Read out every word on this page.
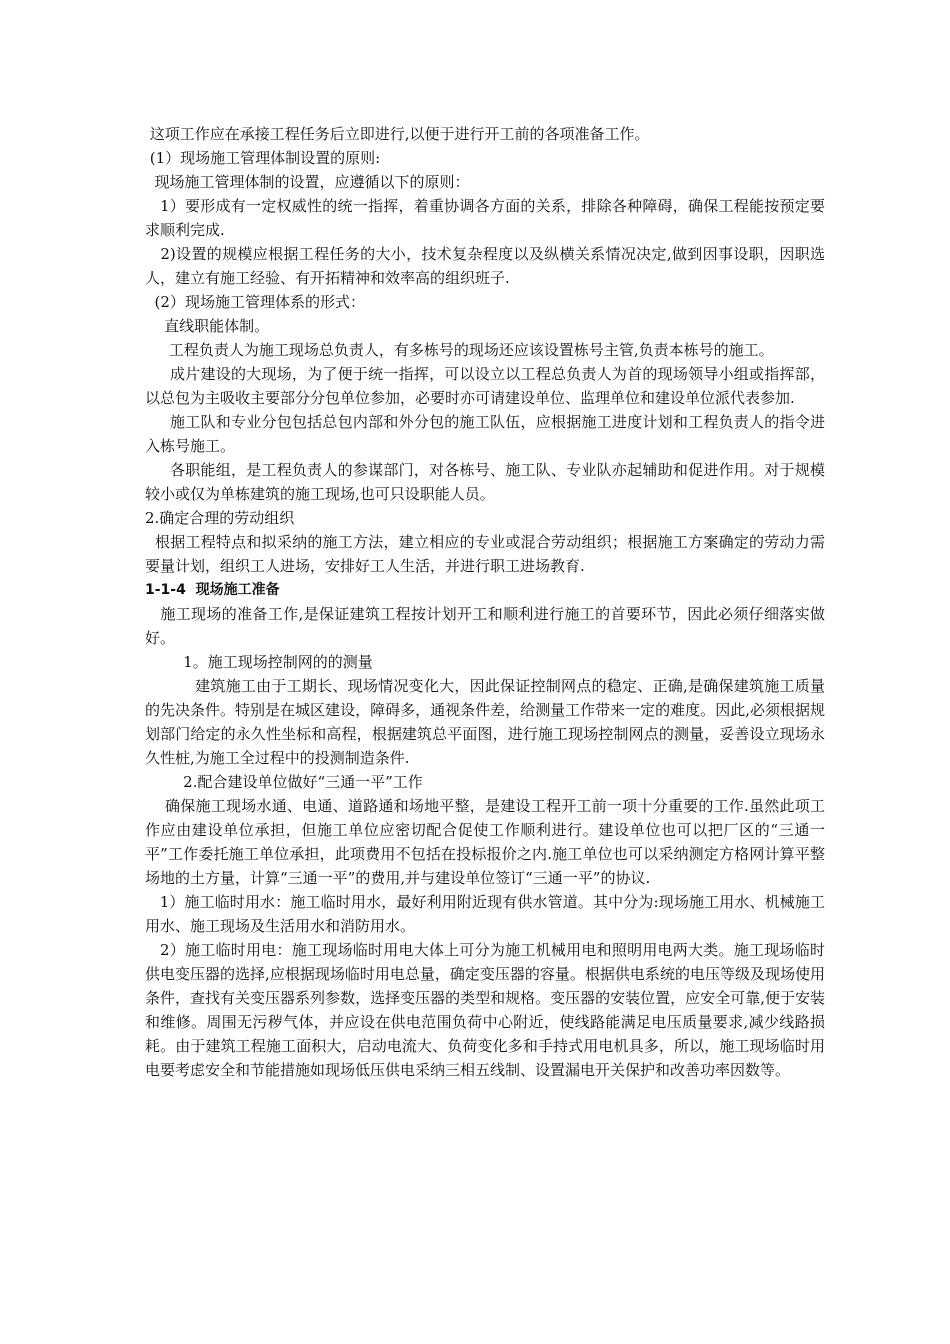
这项工作应在承接工程任务后立即进行,以便于进行开工前的各项准备工作。

(1）现场施工管理体制设置的原则:

现场施工管理体制的设置，应遵循以下的原则：

1）要形成有一定权威性的统一指挥，着重协调各方面的关系，排除各种障碍，确保工程能按预定要求顺利完成.

2)设置的规模应根据工程任务的大小，技术复杂程度以及纵横关系情况决定,做到因事设职，因职选人，建立有施工经验、有开拓精神和效率高的组织班子.

(2）现场施工管理体系的形式：

直线职能体制。

工程负责人为施工现场总负责人，有多栋号的现场还应该设置栋号主管,负责本栋号的施工。

成片建设的大现场，为了便于统一指挥，可以设立以工程总负责人为首的现场领导小组或指挥部，以总包为主吸收主要部分分包单位参加，必要时亦可请建设单位、监理单位和建设单位派代表参加.

施工队和专业分包包括总包内部和外分包的施工队伍，应根据施工进度计划和工程负责人的指令进入栋号施工。

各职能组，是工程负责人的参谋部门，对各栋号、施工队、专业队亦起辅助和促进作用。对于规模较小或仅为单栋建筑的施工现场,也可只设职能人员。

2.确定合理的劳动组织

根据工程特点和拟采纳的施工方法，建立相应的专业或混合劳动组织；根据施工方案确定的劳动力需要量计划，组织工人进场，安排好工人生活，并进行职工进场教育.

1-1-4  现场施工准备

施工现场的准备工作,是保证建筑工程按计划开工和顺利进行施工的首要环节，因此必须仔细落实做好。

1。施工现场控制网的的测量

建筑施工由于工期长、现场情况变化大，因此保证控制网点的稳定、正确,是确保建筑施工质量的先决条件。特别是在城区建设，障碍多，通视条件差，给测量工作带来一定的难度。因此,必须根据规划部门给定的永久性坐标和高程，根据建筑总平面图，进行施工现场控制网点的测量，妥善设立现场永久性桩,为施工全过程中的投测制造条件.

2.配合建设单位做好“三通一平”工作

确保施工现场水通、电通、道路通和场地平整，是建设工程开工前一项十分重要的工作.虽然此项工作应由建设单位承担，但施工单位应密切配合促使工作顺利进行。建设单位也可以把厂区的“三通一平”工作委托施工单位承担，此项费用不包括在投标报价之内.施工单位也可以采纳测定方格网计算平整场地的土方量，计算“三通一平”的费用,并与建设单位签订“三通一平”的协议.

1）施工临时用水：施工临时用水，最好利用附近现有供水管道。其中分为:现场施工用水、机械施工用水、施工现场及生活用水和消防用水。

2）施工临时用电：施工现场临时用电大体上可分为施工机械用电和照明用电两大类。施工现场临时供电变压器的选择,应根据现场临时用电总量，确定变压器的容量。根据供电系统的电压等级及现场使用条件，查找有关变压器系列参数，选择变压器的类型和规格。变压器的安装位置，应安全可靠,便于安装和维修。周围无污秽气体，并应设在供电范围负荷中心附近，使线路能满足电压质量要求,减少线路损耗。由于建筑工程施工面积大，启动电流大、负荷变化多和手持式用电机具多，所以，施工现场临时用电要考虑安全和节能措施如现场低压供电采纳三相五线制、设置漏电开关保护和改善功率因数等。
